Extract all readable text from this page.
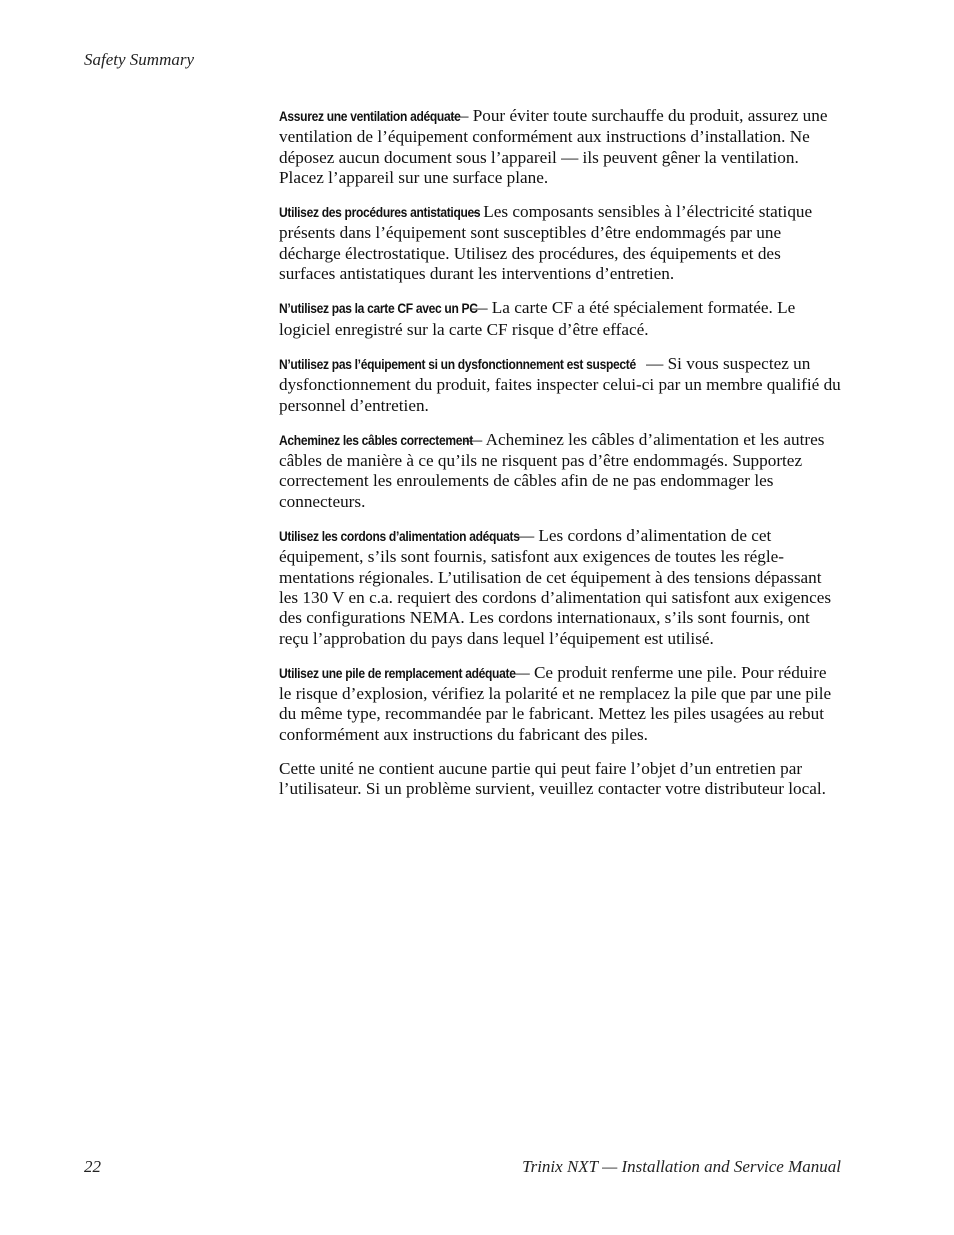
Safety Summary

Assurez une ventilation adéquate — Pour éviter toute surchauffe du produit, assurez une ventilation de l’équipement conformément aux instructions d’installation. Ne déposez aucun document sous l’appareil — ils peuvent gêner la ventilation. Placez l’appareil sur une surface plane.

Utilisez des procédures antistatiques - Les composants sensibles à l’électricité statique présents dans l’équipement sont susceptibles d’être endommagés par une décharge électrostatique. Utilisez des procédures, des équipements et des surfaces antistatiques durant les interventions d’entretien.

N’utilisez pas la carte CF avec un PC — La carte CF a été spécialement formatée. Le logiciel enregistré sur la carte CF risque d’être effacé.

N’utilisez pas l’équipement si un dysfonctionnement est suspecté — Si vous suspectez un dysfonctionnement du produit, faites inspecter celui-ci par un membre qualifié du personnel d’entretien.

Acheminez les câbles correctement — Acheminez les câbles d’alimentation et les autres câbles de manière à ce qu’ils ne risquent pas d’être endommagés. Supportez correctement les enroulements de câbles afin de ne pas endommager les connecteurs.

Utilisez les cordons d’alimentation adéquats — Les cordons d’alimentation de cet équipement, s’ils sont fournis, satisfont aux exigences de toutes les réglementations régionales. L’utilisation de cet équipement à des tensions dépassant les 130 V en c.a. requiert des cordons d’alimentation qui satisfont aux exigences des configurations NEMA. Les cordons internationaux, s’ils sont fournis, ont reçu l’approbation du pays dans lequel l’équipement est utilisé.

Utilisez une pile de remplacement adéquate — Ce produit renferme une pile. Pour réduire le risque d’explosion, vérifiez la polarité et ne remplacez la pile que par une pile du même type, recommandée par le fabricant. Mettez les piles usagées au rebut conformément aux instructions du fabricant des piles.

Cette unité ne contient aucune partie qui peut faire l’objet d’un entretien par l’utilisateur. Si un problème survient, veuillez contacter votre distributeur local.

22	Trinix NXT — Installation and Service Manual
